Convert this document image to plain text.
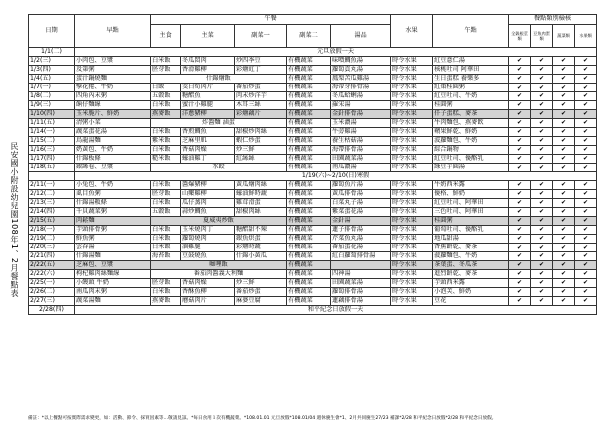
民安國小附設幼兒園108年1、2月餐點表
日期	早點	午餐					水果	午點	餐點類別檢核			
		主食	主菜	副菜一	副菜二	湯品			全穀根莖類	豆魚肉蛋類	蔬菜類	水果類
1/1(二)	元旦放假一天											
1/2(三)	小肉包、豆漿	白米飯	冬瓜悶肉	炒四季豆	有機蔬菜	味噌鯛魚湯	時令水果	紅豆薏仁湯	✔	✔	✔	✔
1/3(四)	及第粥	胚芽飯	香滑雞柳	彩燴豇丁	有機蔬菜	蘿蔔貢丸湯	時令水果	核桃吐司 阿華田	✔	✔	✔	✔
1/4(五)	蛋汁鍋燒麵	什錦燴飯			有機蔬菜	鳳梨苦瓜雞湯	時令水果	生日蛋糕 養樂多	✔	✔	✔	✔
1/7(一)	擊花捲、牛奶	白飯	筊白筍肉片	番茄炒蛋	有機蔬菜	海帶芽排骨湯	時令水果	紅棗桂圓粥	✔	✔	✔	✔
1/8(二)	四角內末粥	五穀飯	糖醋魚	肉末炒洋芋	有機蔬菜	冬瓜蛤蜊湯	時令水果	紅豆吐司、牛奶	✔	✔	✔	✔
1/9(三)	餉仔麵線	白米飯	蜜汁小雞腿	木耳三絲	有機蔬菜	羅宋湯	時令水果	桂圓粥	✔	✔	✔	✔
1/10(四)	玉米脆片、鮮奶	燕麥飯	洋蔥豬柳	彩燴藕片	有機蔬菜	金針排骨湯	時令水果	仟子蛋糕、麥茶	✔	✔	✔	✔
1/11(五)	清粥小菜	炸醬麵 滷蛋			有機蔬菜	玉米濃湯	時令水果	牛肉麵包、燕麥飲	✔	✔	✔	✔
1/14(一)	蔬菜蛋花湯	白米飯	香煎鯛魚	甜椒炒肉絲	有機蔬菜	牛蒡雞湯	時令水果	蘋果鮮乾、鮮奶	✔	✔	✔	✔
1/15(二)	烏龍湯麵	紫米飯	芝麻里肌	蝦仁炒蛋	有機蔬菜	養生枯菇湯	時令水果	波蘿麵包、牛奶	✔	✔	✔	✔
1/16(三)	奶黃包、牛奶	白米飯	香菇肉燥	炒三鮮	有機蔬菜	海帶排骨湯	時令水果	綜合鍋物	✔	✔	✔	✔
1/17(四)	什錦板條	糙米飯	蠔油雞丁	紅絲絲	有機蔬菜	田園蔬菜湯	時令水果	紅豆吐司、優酪乳	✔	✔	✔	✔
1/18(五)	銀絲卷、豆漿	水餃			有機蔬菜	南瓜濃湯	時令水果	綠豆芋圓湯	✔	✔	✔	✔
	1/19(六)~2/10(日)寒假											
2/11(一)	小兔包、牛奶	白米飯	醬爆豬柳	黃瓜燴肉絲	有機蔬菜	蘿蔔魚片湯	時令水果	牛奶西米露	✔	✔	✔	✔
2/12(二)	虱目魚粥	胚芽飯	山藥雞柳	蠔油鮮時蔬	有機蔬菜	黃瓜排骨湯	時令水果	優格、鮮奶	✔	✔	✔	✔
2/13(三)	什錦湯粄條	白米飯	瓜仔蒸肉	雞茸滑蛋	有機蔬菜	白菜丸子湯	時令水果	紅豆吐司、阿華田	✔	✔	✔	✔
2/14(四)	千貝蔬菜粥	五穀飯	蒜炒鯛魚	甜椒肉絲	有機蔬菜	紫菜蛋花湯	時令水果	三色吐司、阿華田	✔	✔	✔	✔
2/15(五)	肉鬆麵	夏威夷炒飯			有機蔬菜	金針湯	時令水果	桂圓粥	✔	✔	✔	✔
2/18(一)	芋頭排骨粥	白米飯	玉米燒肉丁	糖醋甜不辣	有機蔬菜	蓮子排骨湯	時令水果	葡萄吐司、優酪乳	✔	✔	✔	✔
2/19(二)	鮮魚粥	白米飯	蘿蔔燒肉	銀魚烘蛋	有機蔬菜	芹菜魚丸湯	時令水果	地瓜甜湯	✔	✔	✔	✔
2/20(三)	雲吞湯	白米飯	滷雞腿	彩燴時蔬	有機蔬菜	番茄蛋花湯	時令水果	香蕉餅乾、麥茶	✔	✔	✔	✔
2/21(四)	什錦湯麵	海苔飯	豆鼓燒魚	什錦小黃瓜	有機蔬菜	紅白蘿蔔排骨湯	時令水果	菠蘿麵包、牛奶	✔	✔	✔	✔
2/22(五)	芝麻包、豆漿	咖哩飯			有機蔬菜		時令水果	茶葉蛋、冬瓜茶	✔	✔	✔	✔
2/22(六)	枸杞雞肉絲麵線	番茄肉醬義大利麵			有機蔬菜	四神湯	時令水果	進烈餅乾、麥茶	✔	✔	✔	✔
2/25(一)	小饅頭 牛奶	胚芽飯	香菇肉燥	炒三鮮	有機蔬菜	田園蔬菜湯	時令水果	芋頭西米露	✔	✔	✔	✔
2/26(二)	南瓜肉末粥	白米飯	香酥魚柳	番茄炒蛋	有機蔬菜	蘿蔔排骨湯	時令水果	小泡芙、鮮奶	✔	✔	✔	✔
2/27(三)	蔬菜湯麵	燕麥飯	蘑菇肉片	麻婆豆腐	有機蔬菜	蓮藕排骨湯	時令水果	豆花	✔	✔	✔	✔
2/28(四)	和平紀念日放假一天											
備註：*以上餐點可按實際需求變更，如：活動、節令、採買因素等…敬請見諒。*每日食用１次有機蔬菜。*108.01.01 元旦放假*108.01/04 週休慶生會*1、2月共同慶生27/23 補課*2/28 和平紀念日放假*2/28 和平紀念日放假。
